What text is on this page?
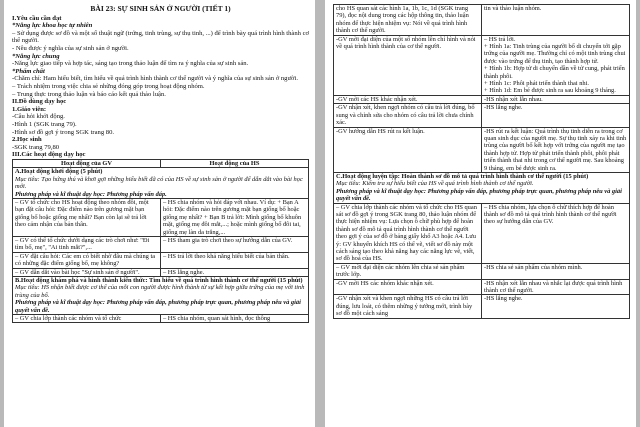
BÀI 23: SỰ SINH SẢN Ở NGƯỜI (TIẾT 1)
I.Yêu cầu cần đạt
*Năng lực khoa học tự nhiên
– Sử dụng được sơ đồ và một số thuật ngữ (trứng, tinh trùng, sự thụ tinh, ...) để trình bày quá trình hình thành cơ thể người.
- Nêu được ý nghĩa của sự sinh sản ở người.
*Năng lực chung
-Năng lực giao tiếp và hợp tác, sáng tạo trong thảo luận để tìm ra ý nghĩa của sự sinh sản.
*Phẩm chất
-Chăm chỉ: Ham hiểu biết, tìm hiểu về quá trình hình thành cơ thể người và ý nghĩa của sự sinh sản ở người.
– Trách nhiệm trong việc chia sẻ những đóng góp trong hoạt động nhóm.
– Trung thực trong thảo luận và báo cáo kết quả thảo luận.
II.Đồ dùng dạy học
1.Giáo viên:
-Câu hỏi khởi động.
-Hình 1 (SGK trang 79).
-Hình sơ đồ gợi ý trong SGK trang 80.
2.Học sinh
-SGK trang 79,80
III.Các hoạt động dạy học
Hoạt động của GV	Hoạt động của HS

A.Hoạt động khởi động (5 phút)
Mục tiêu: Tạo hứng thú và khơi gợi những hiểu biết đã có của HS về sự sinh sản ở người để dẫn dắt vào bài học mới.
Phương pháp và kĩ thuật dạy học: Phương pháp vấn đáp.	

– GV tổ chức cho HS hoạt động theo nhóm đôi, một bạn đặt câu hỏi: Đặc điểm nào trên gương mặt bạn giống bố hoặc giống mẹ nhất? Bạn còn lại sẽ trả lời theo cảm nhận của bản thân.	– HS chia nhóm và hỏi đáp với nhau. Ví dụ: + Bạn A hỏi: Đặc điểm nào trên gương mặt bạn giống bố hoặc giống mẹ nhất? + Bạn B trả lời: Mình giống bố khuôn mặt, giống mẹ đôi mắt,...; hoặc mình giống bố đôi tai, giống mẹ làn da trắng,...
– GV có thể tổ chức dưới dạng các trò chơi như: "Đi tìm bố, mẹ", "Ai tinh mắt?",...	– HS tham gia trò chơi theo sự hướng dẫn của GV.
– GV đặt câu hỏi: Các em có biết nhờ đâu mà chúng ta có những đặc điểm giống bố, mẹ không?	– HS trả lời theo khả năng hiểu biết của bản thân.
– GV dẫn dắt vào bài học "Sự sinh sản ở người".	– HS lắng nghe.

B.Hoạt động khám phá và hình thành kiến thức: Tìm hiểu về quá trình hình thành cơ thể người (15 phút)
Mục tiêu: HS nhận biết được cơ thể của mỗi con người được hình thành từ sự kết hợp giữa trứng của mẹ với tinh trùng của bố.
Phương pháp và kĩ thuật dạy học: Phương pháp vấn đáp, phương pháp trực quan, phương pháp nêu và giải quyết vấn đề.	

– GV chia lớp thành các nhóm và tổ chức	– HS chia nhóm, quan sát hình, đọc thông
cho HS quan sát các hình 1a, 1b, 1c, 1d (SGK trang 79), đọc nội dung trong các hộp thông tin, thảo luận nhóm để thực hiện nhiệm vụ: Nói về quá trình hình thành cơ thể người.	tin và thảo luận nhóm.
-GV mời đại diện của một số nhóm lên chỉ hình và nói về quá trình hình thành của cơ thể người.	– HS trả lời.
+ Hình 1a: Tinh trùng của người bố di chuyển tới gặp trứng của người mẹ. Thường chỉ có một tinh trùng chui được vào trứng để thụ tinh, tạo thành hợp tử.
+ Hình 1b: Hợp tử di chuyển dần về tử cung, phát triển thành phôi.
+ Hình 1c: Phôi phát triển thành thai nhi.
+ Hình 1d: Em bé được sinh ra sau khoảng 9 tháng.
-GV mời các HS khác nhận xét.	-HS nhận xét lẫn nhau.
-GV nhận xét, khen ngợi nhóm có câu trả lời đúng, bổ sung và chỉnh sửa cho nhóm có câu trả lời chưa chính xác.	-HS lắng nghe.
-GV hướng dẫn HS rút ra kết luận.	-HS rút ra kết luận: Quá trình thụ tinh diễn ra trong cơ quan sinh dục của người mẹ. Sự thụ tinh xảy ra khi tinh trùng của người bố kết hợp với trứng của người mẹ tạo thành hợp tử. Hợp tử phát triển thành phôi, phôi phát triển thành thai nhi trong cơ thể người mẹ. Sau khoảng 9 tháng, em bé được sinh ra.

C.Hoạt động luyện tập: Hoàn thành sơ đồ mô tả quá trình hình thành cơ thể người (15 phút)
Mục tiêu: Kiểm tra sự hiểu biết của HS về quá trình hình thành cơ thể người.
Phương pháp và kĩ thuật dạy học: Phương pháp vấn đáp, phương pháp trực quan, phương pháp nêu và giải quyết vấn đề.	

– GV chia lớp thành các nhóm và tổ chức cho HS quan sát sơ đồ gợi ý trong SGK trang 80, thảo luận nhóm để thực hiện nhiệm vụ: Lựa chọn ô chữ phù hợp để hoàn thành sơ đồ mô tả quá trình hình thành cơ thể người theo gợi ý của sơ đồ ở bảng giấy khổ A3 hoặc A4. Lưu ý: GV khuyến khích HS có thể vẽ, viết sơ đồ này một cách sáng tạo theo khả năng hay các năng lực vẽ, viết, sơ đồ hoá của HS.	– HS chia nhóm, lựa chọn ô chữ thích hợp để hoàn thành sơ đồ mô tả quá trình hình thành cơ thể người theo sự hướng dẫn của GV.
– GV mời đại diện các nhóm lên chia sẻ sản phẩm trước lớp.	-HS chia sẻ sản phẩm của nhóm mình.
-GV mời HS các nhóm khác nhận xét.	-HS nhận xét lẫn nhau và nhắc lại được quá trình hình thành cơ thể người.
-GV nhận xét và khen ngợi những HS có câu trả lời đúng, lưu loát, có thêm những ý tưởng mới, trình bày sơ đồ một cách sáng	-HS lắng nghe.
